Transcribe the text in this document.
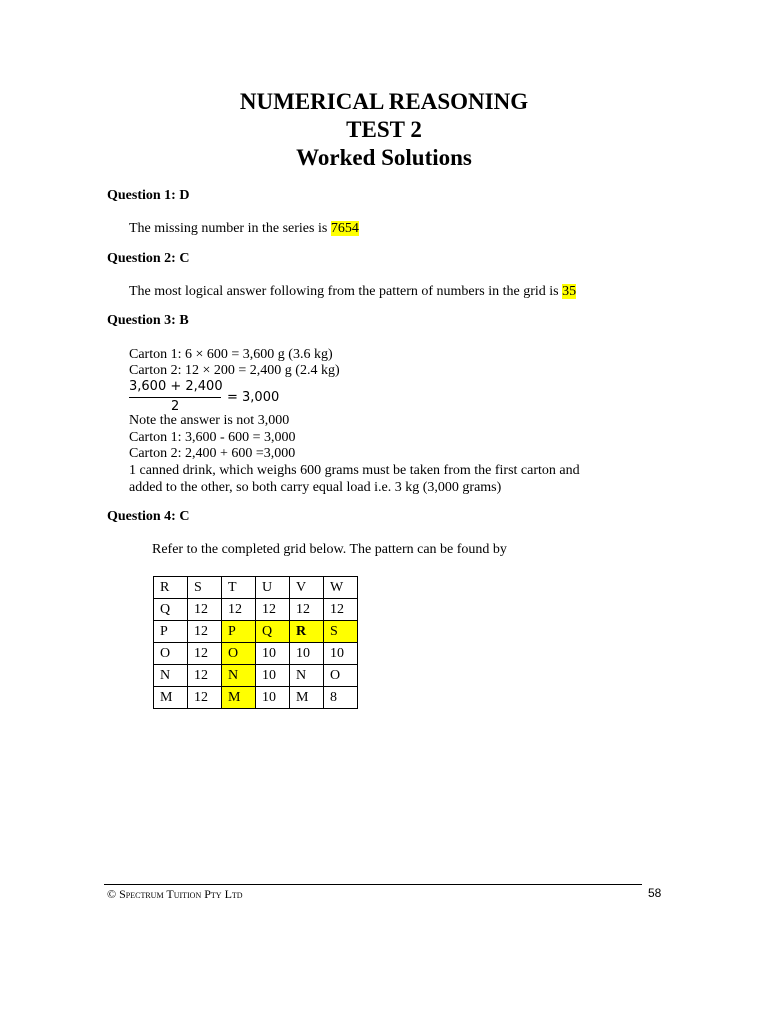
NUMERICAL REASONING
TEST 2
Worked Solutions
Question 1: D
The missing number in the series is 7654
Question 2: C
The most logical answer following from the pattern of numbers in the grid is 35
Question 3: B
Carton 1: 6 × 600 = 3,600 g (3.6 kg)
Carton 2: 12 × 200 = 2,400 g (2.4 kg)
3,600 + 2,400
2
= 3,000
Note the answer is not 3,000
Carton 1: 3,600 - 600 = 3,000
Carton 2: 2,400 + 600 =3,000
1 canned drink, which weighs 600 grams must be taken from the first carton and
added to the other, so both carry equal load i.e. 3 kg (3,000 grams)
Question 4: C
Refer to the completed grid below. The pattern can be found by
R	S	T	U	V	W
Q	12	12	12	12	12
P	12	P	Q	R	S
O	12	O	10	10	10
N	12	N	10	N	O
M	12	M	10	M	8
© Spectrum Tuition Pty Ltd	58
